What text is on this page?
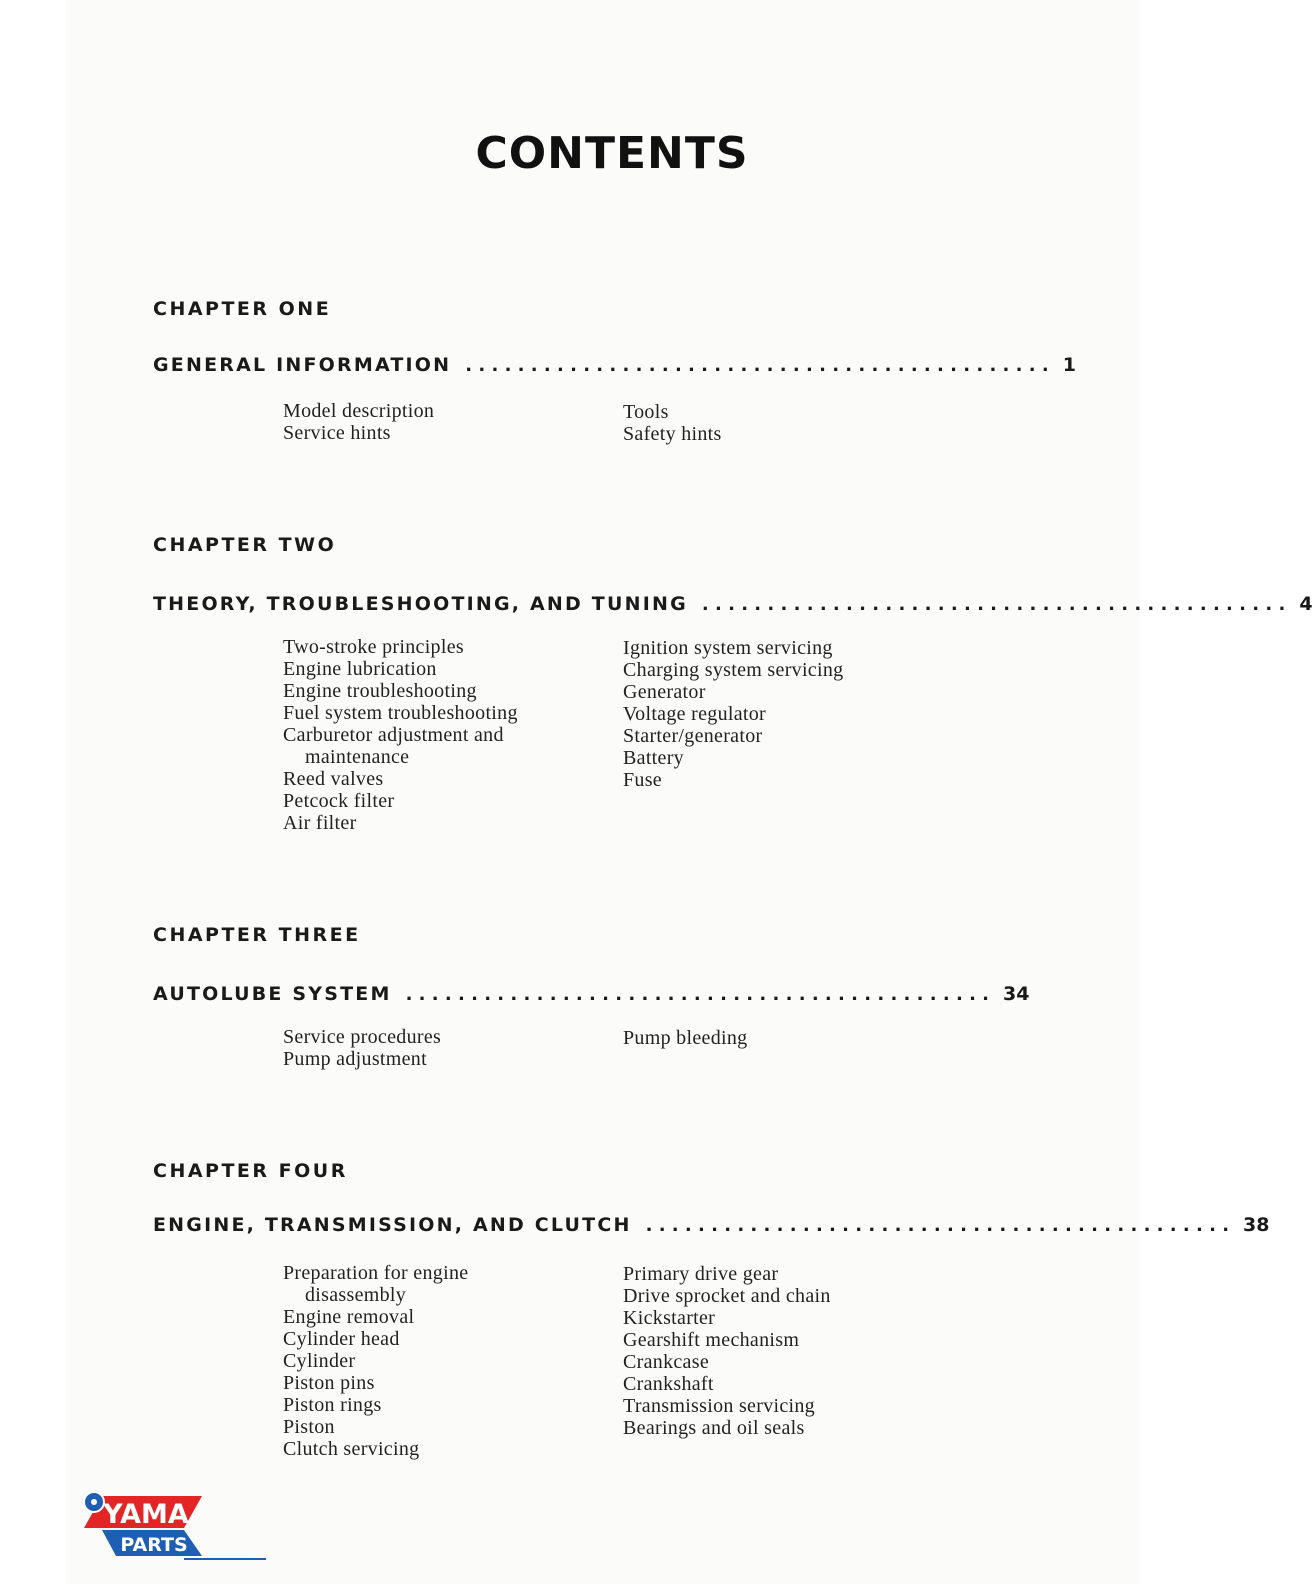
CONTENTS
CHAPTER ONE
GENERAL INFORMATION . . . . . . . . . . . . . . . . . . . . . . . . . . . . . . . . . . . . . . . . . . . . . 1
Model description
Service hints
Tools
Safety hints
CHAPTER TWO
THEORY, TROUBLESHOOTING, AND TUNING . . . . . . . . . . . . . . . . . . . . . . . . . . . . . . . . . . . . . . . . . . . . . 4
Two-stroke principles
Engine lubrication
Engine troubleshooting
Fuel system troubleshooting
Carburetor adjustment and
maintenance
Reed valves
Petcock filter
Air filter
Ignition system servicing
Charging system servicing
Generator
Voltage regulator
Starter/generator
Battery
Fuse
CHAPTER THREE
AUTOLUBE SYSTEM . . . . . . . . . . . . . . . . . . . . . . . . . . . . . . . . . . . . . . . . . . . . . 34
Service procedures
Pump adjustment
Pump bleeding
CHAPTER FOUR
ENGINE, TRANSMISSION, AND CLUTCH . . . . . . . . . . . . . . . . . . . . . . . . . . . . . . . . . . . . . . . . . . . . . 38
Preparation for engine
disassembly
Engine removal
Cylinder head
Cylinder
Piston pins
Piston rings
Piston
Clutch servicing
Primary drive gear
Drive sprocket and chain
Kickstarter
Gearshift mechanism
Crankcase
Crankshaft
Transmission servicing
Bearings and oil seals
YAMA
PARTS
